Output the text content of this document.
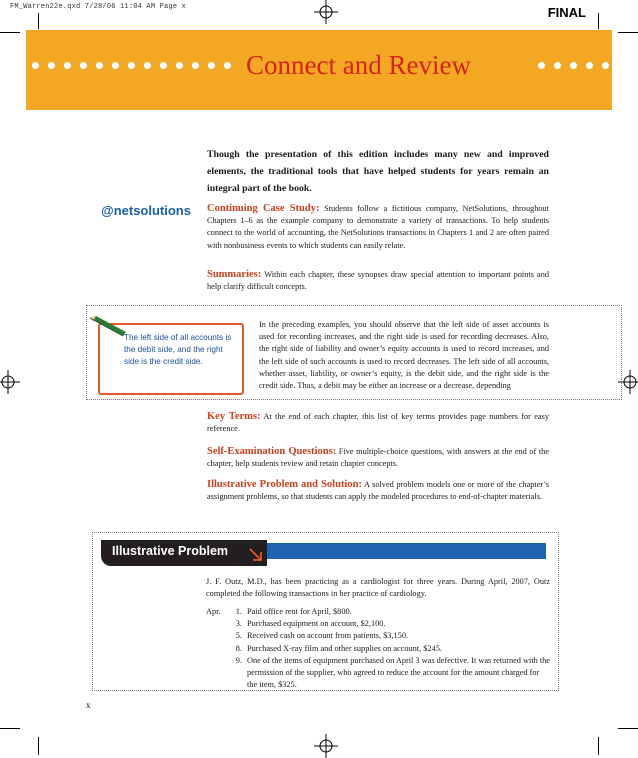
FM_Warren22e.qxd 7/28/06 11:04 AM Page x	FINAL
Connect and Review
Though the presentation of this edition includes many new and improved elements, the traditional tools that have helped students for years remain an integral part of the book.
@netsolutions Continuing Case Study: Students follow a fictitious company, NetSolutions, throughout Chapters 1–6 as the example company to demonstrate a variety of transactions. To help students connect to the world of accounting, the NetSolutions transactions in Chapters 1 and 2 are often paired with nonbusiness events to which students can easily relate.
Summaries: Within each chapter, these synopses draw special attention to important points and help clarify difficult concepts.
The left side of all accounts is the debit side, and the right side is the credit side.
In the preceding examples, you should observe that the left side of asset accounts is used for recording increases, and the right side is used for recording decreases. Also, the right side of liability and owner’s equity accounts is used to record increases, and the left side of such accounts is used to record decreases. The left side of all accounts, whether asset, liability, or owner’s equity, is the debit side, and the right side is the credit side. Thus, a debit may be either an increase or a decrease, depending
Key Terms: At the end of each chapter, this list of key terms provides page numbers for easy reference.
Self-Examination Questions: Five multiple-choice questions, with answers at the end of the chapter, help students review and retain chapter concepts.
Illustrative Problem and Solution: A solved problem models one or more of the chapter’s assignment problems, so that students can apply the modeled procedures to end-of-chapter materials.
Illustrative Problem
J. F. Outz, M.D., has been practicing as a cardiologist for three years. During April, 2007, Outz completed the following transactions in her practice of cardiology.
Apr.	1. Paid office rent for April, $800.
3. Purchased equipment on account, $2,100.
5. Received cash on account from patients, $3,150.
8. Purchased X-ray film and other supplies on account, $245.
9. One of the items of equipment purchased on April 3 was defective. It was returned with the permission of the supplier, who agreed to reduce the account for the amount charged for the item, $325.
x
